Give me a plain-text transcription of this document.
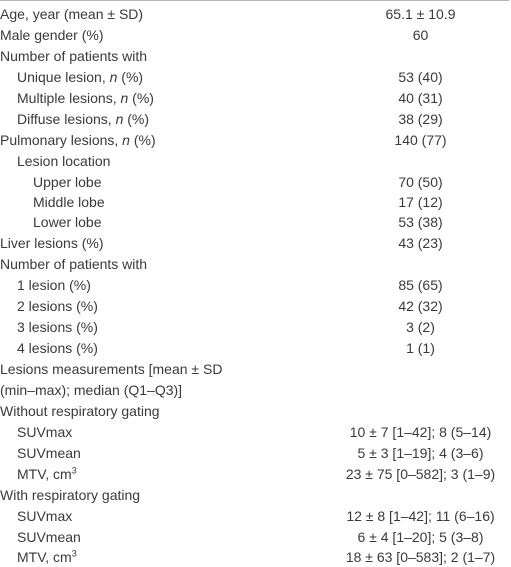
Age, year (mean ± SD)	65.1 ± 10.9
Male gender (%)	60
Number of patients with
Unique lesion, n (%)	53 (40)
Multiple lesions, n (%)	40 (31)
Diffuse lesions, n (%)	38 (29)
Pulmonary lesions, n (%)	140 (77)
Lesion location
Upper lobe	70 (50)
Middle lobe	17 (12)
Lower lobe	53 (38)
Liver lesions (%)	43 (23)
Number of patients with
1 lesion (%)	85 (65)
2 lesions (%)	42 (32)
3 lesions (%)	3 (2)
4 lesions (%)	1 (1)
Lesions measurements [mean ± SD
(min–max); median (Q1–Q3)]
Without respiratory gating
SUVmax	10 ± 7 [1–42]; 8 (5–14)
SUVmean	5 ± 3 [1–19]; 4 (3–6)
MTV, $cm^3$	23 ± 75 [0–582]; 3 (1–9)
With respiratory gating
SUVmax	12 ± 8 [1–42]; 11 (6–16)
SUVmean	6 ± 4 [1–20]; 5 (3–8)
MTV, $cm^3$	18 ± 63 [0–583]; 2 (1–7)
